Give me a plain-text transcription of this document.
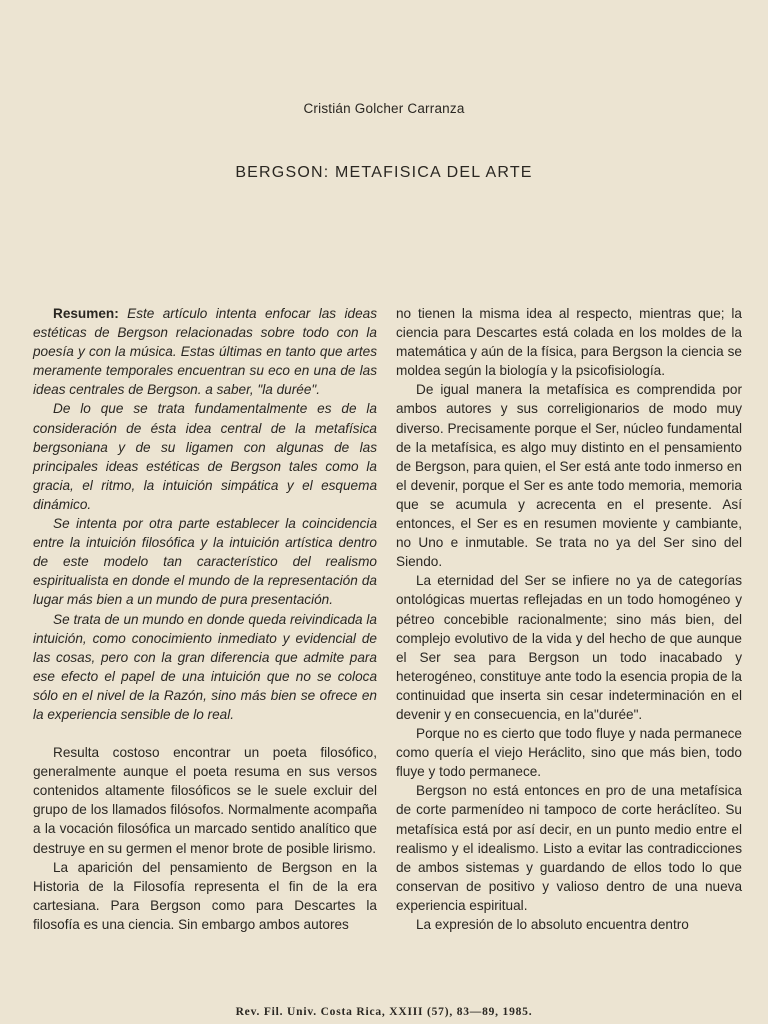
Cristián Golcher Carranza
BERGSON: METAFISICA DEL ARTE

Resumen: Este artículo intenta enfocar las ideas estéticas de Bergson relacionadas sobre todo con la poesía y con la música. Estas últimas en tanto que artes meramente temporales encuentran su eco en una de las ideas centrales de Bergson. a saber, "la durée".

De lo que se trata fundamentalmente es de la consideración de ésta idea central de la metafísica bergsoniana y de su ligamen con algunas de las principales ideas estéticas de Bergson tales como la gracia, el ritmo, la intuición simpática y el esquema dinámico.

Se intenta por otra parte establecer la coincidencia entre la intuición filosófica y la intuición artística dentro de este modelo tan característico del realismo espiritualista en donde el mundo de la representación da lugar más bien a un mundo de pura presentación.

Se trata de un mundo en donde queda reivindicada la intuición, como conocimiento inmediato y evidencial de las cosas, pero con la gran diferencia que admite para ese efecto el papel de una intuición que no se coloca sólo en el nivel de la Razón, sino más bien se ofrece en la experiencia sensible de lo real.

Resulta costoso encontrar un poeta filosófico, generalmente aunque el poeta resuma en sus versos contenidos altamente filosóficos se le suele excluir del grupo de los llamados filósofos. Normalmente acompaña a la vocación filosófica un marcado sentido analítico que destruye en su germen el menor brote de posible lirismo.

La aparición del pensamiento de Bergson en la Historia de la Filosofía representa el fin de la era cartesiana. Para Bergson como para Descartes la filosofía es una ciencia. Sin embargo ambos autores

no tienen la misma idea al respecto, mientras que; la ciencia para Descartes está colada en los moldes de la matemática y aún de la física, para Bergson la ciencia se moldea según la biología y la psicofisiología.

De igual manera la metafísica es comprendida por ambos autores y sus correligionarios de modo muy diverso. Precisamente porque el Ser, núcleo fundamental de la metafísica, es algo muy distinto en el pensamiento de Bergson, para quien, el Ser está ante todo inmerso en el devenir, porque el Ser es ante todo memoria, memoria que se acumula y acrecenta en el presente. Así entonces, el Ser es en resumen moviente y cambiante, no Uno e inmutable. Se trata no ya del Ser sino del Siendo.

La eternidad del Ser se infiere no ya de categorías ontológicas muertas reflejadas en un todo homogéneo y pétreo concebible racionalmente; sino más bien, del complejo evolutivo de la vida y del hecho de que aunque el Ser sea para Bergson un todo inacabado y heterogéneo, constituye ante todo la esencia propia de la continuidad que inserta sin cesar indeterminación en el devenir y en consecuencia, en la"durée".

Porque no es cierto que todo fluye y nada permanece como quería el viejo Heráclito, sino que más bien, todo fluye y todo permanece.

Bergson no está entonces en pro de una metafísica de corte parmenídeo ni tampoco de corte heráclíteo. Su metafísica está por así decir, en un punto medio entre el realismo y el idealismo. Listo a evitar las contradicciones de ambos sistemas y guardando de ellos todo lo que conservan de positivo y valioso dentro de una nueva experiencia espiritual.

La expresión de lo absoluto encuentra dentro

Rev. Fil. Univ. Costa Rica, XXIII (57), 83—89, 1985.
